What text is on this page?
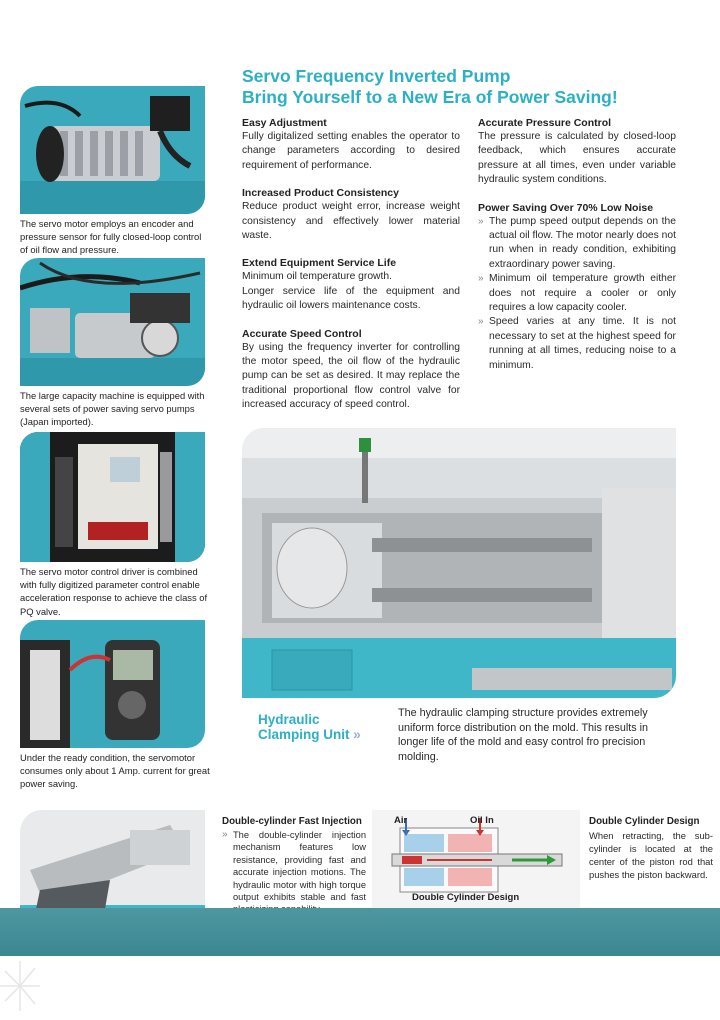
Servo Frequency Inverted Pump
Bring Yourself to a New Era of Power Saving!
Easy Adjustment
Fully digitalized setting enables the operator to change parameters according to desired requirement of performance.
Increased Product Consistency
Reduce product weight error, increase weight consistency and effectively lower material waste.
Extend Equipment Service Life
Minimum oil temperature growth.
Longer service life of the equipment and hydraulic oil lowers maintenance costs.
Accurate Speed Control
By using the frequency inverter for controlling the motor speed, the oil flow of the hydraulic pump can be set as desired. It may replace the traditional proportional flow control valve for increased accuracy of speed control.
Accurate Pressure Control
The pressure is calculated by closed-loop feedback, which ensures accurate pressure at all times, even under variable hydraulic system conditions.
Power Saving Over 70% Low Noise
» The pump speed output depends on the actual oil flow. The motor nearly does not run when in ready condition, exhibiting extraordinary power saving.
» Minimum oil temperature growth either does not require a cooler or only requires a low capacity cooler.
» Speed varies at any time. It is not necessary to set at the highest speed for running at all times, reducing noise to a minimum.
The servo motor employs an encoder and pressure sensor for fully closed-loop control of oil flow and pressure.
The large capacity machine is equipped with several sets of power saving servo pumps (Japan imported).
The servo motor control driver is combined with fully digitized parameter control enable acceleration response to achieve the class of PQ valve.
Under the ready condition, the servomotor consumes only about 1 Amp. current for great power saving.
Hydraulic
Clamping Unit »
The hydraulic clamping structure provides extremely uniform force distribution on the mold. This results in longer life of the mold and easy control fro precision molding.
Double-cylinder Fast Injection
» The double-cylinder injection mechanism features low resistance, providing fast and accurate injection motions. The hydraulic motor with high torque output exhibits stable and fast
Air	Oil In
Double Cylinder Design
Double Cylinder Design
When retracting, the sub-cylinder is located at the center of the piston rod that pushes the piston backward.
